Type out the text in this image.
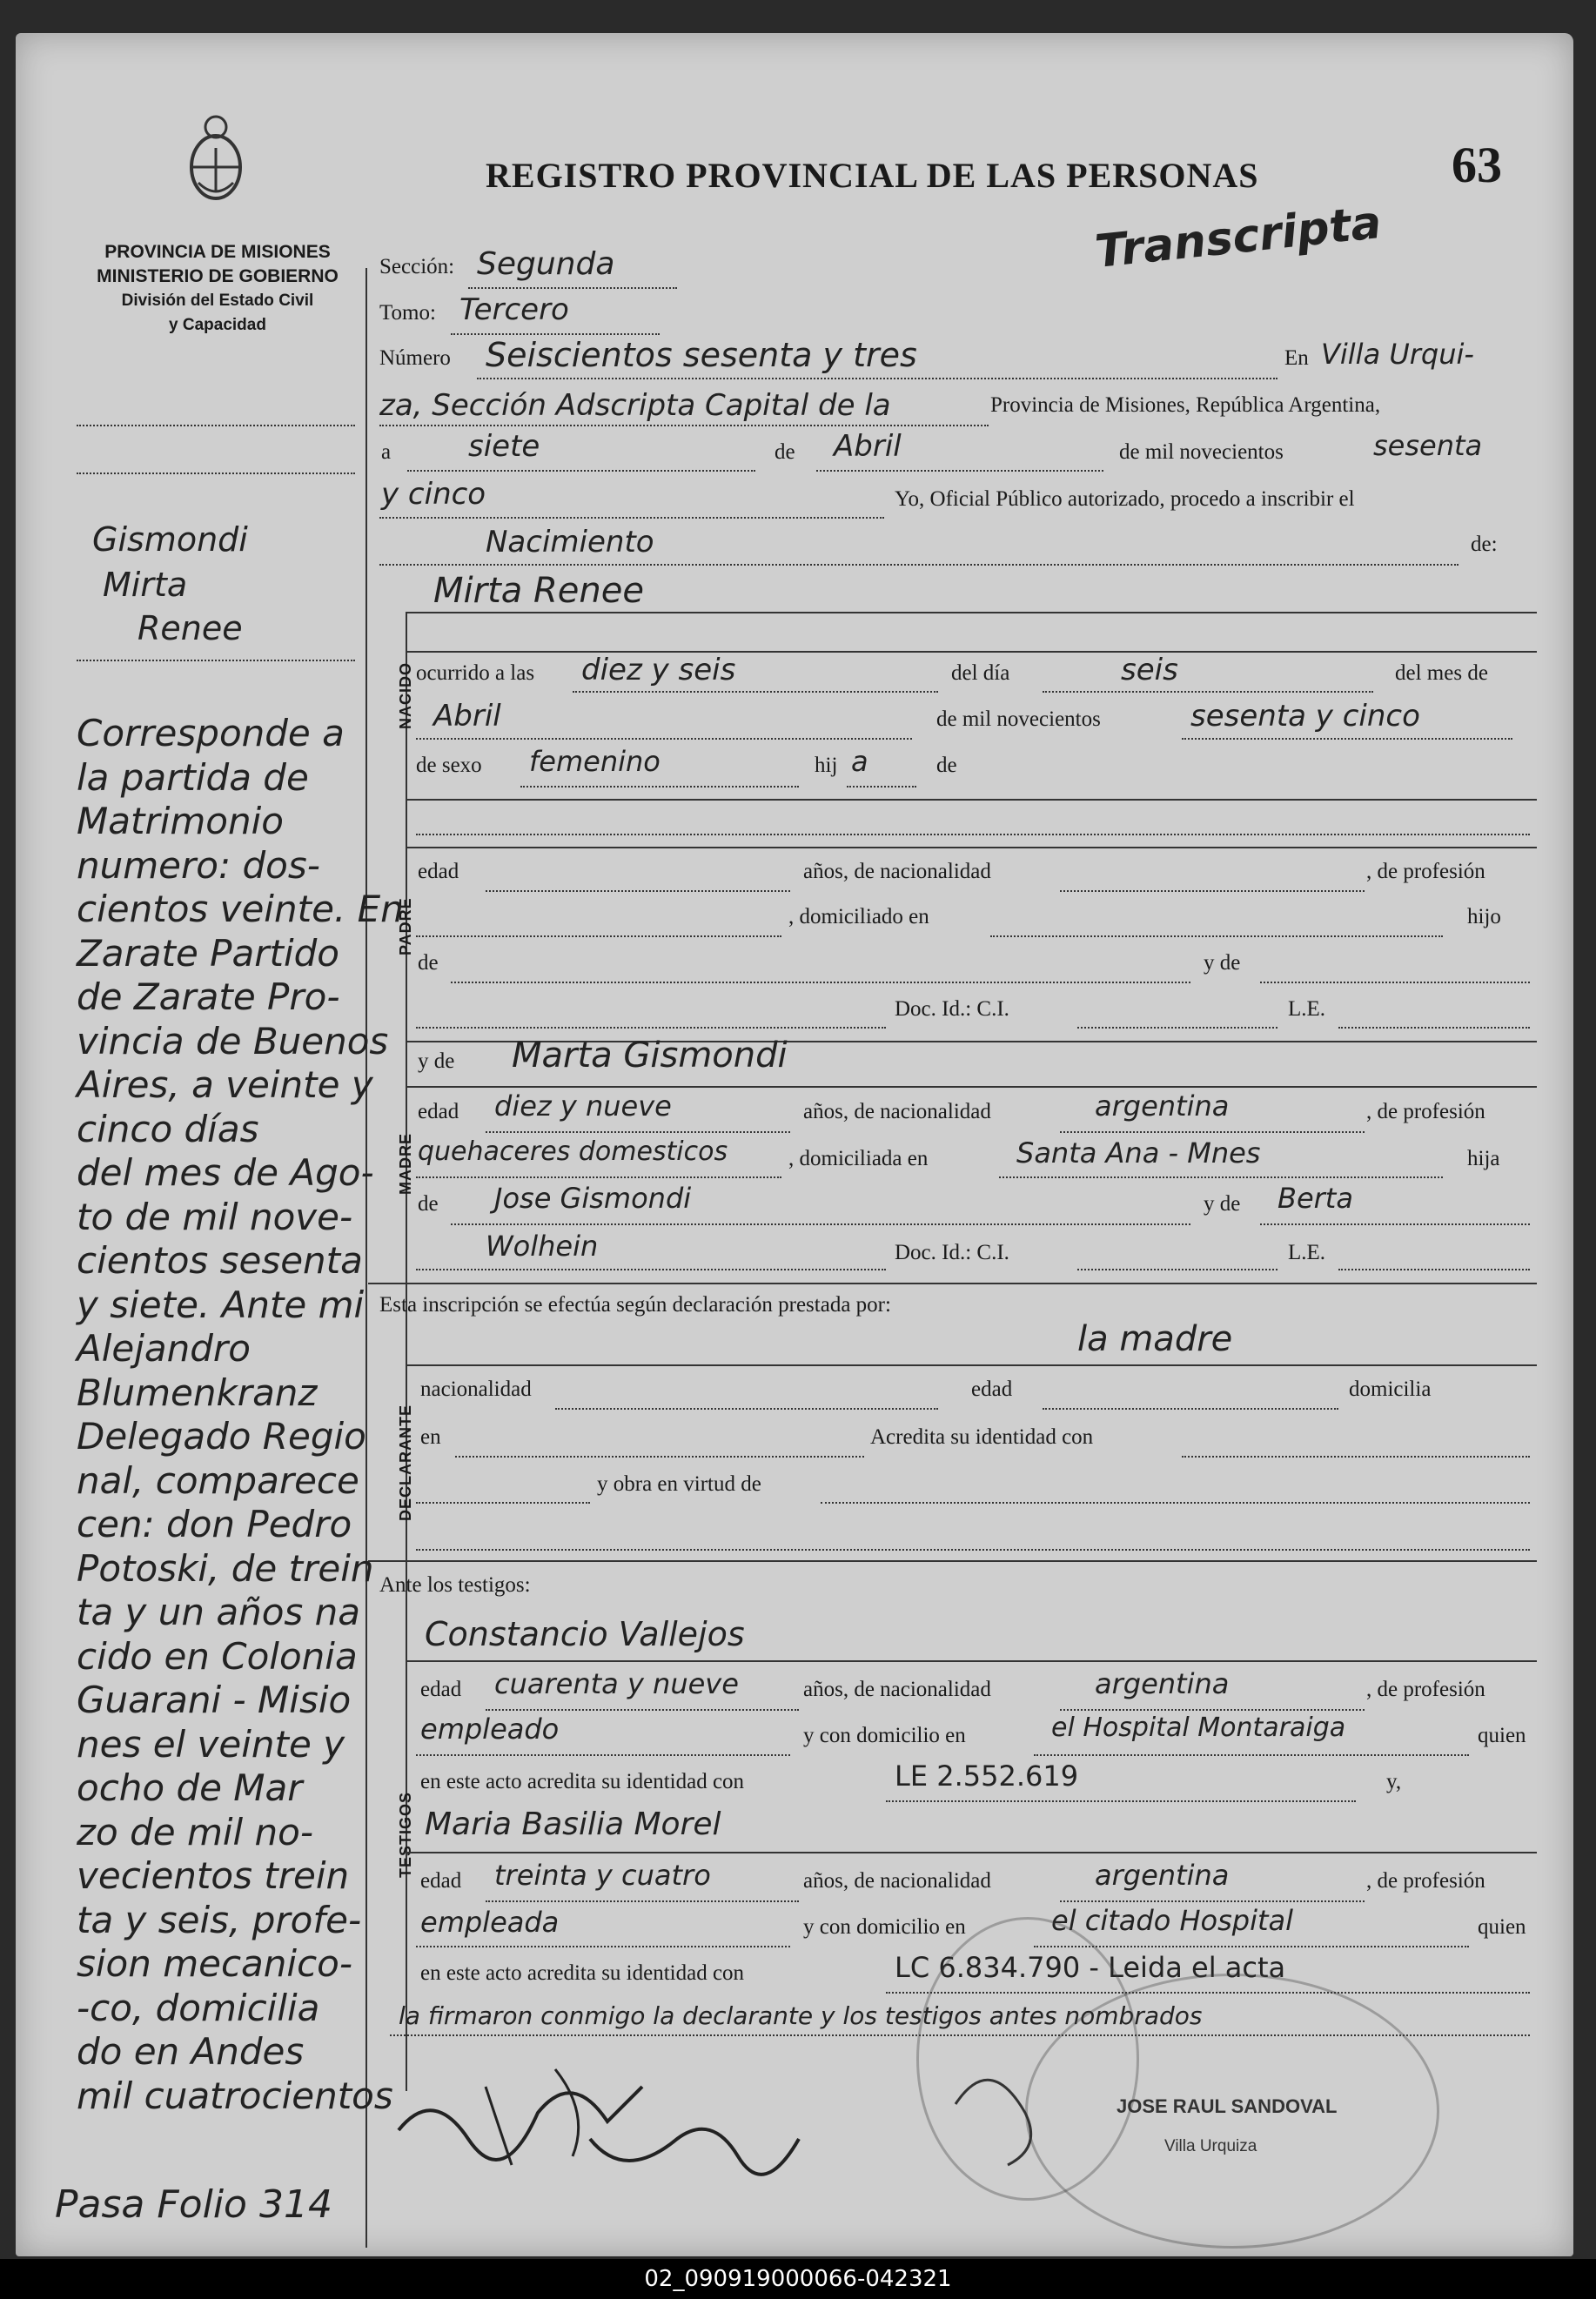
PROVINCIA DE MISIONES
MINISTERIO DE GOBIERNO
División del Estado Civil
y Capacidad
REGISTRO PROVINCIAL DE LAS PERSONAS	63
Transcripta
Sección: Segunda
Tomo: Tercero
Número Seiscientos sesenta y tres	En Villa Urqui-
za, Sección Adscripta Capital de la	Provincia de Misiones, República Argentina,
a	siete	de Abril	de mil novecientos	sesenta
y cinco	Yo, Oficial Público autorizado, procedo a inscribir el
Nacimiento	de:
NACIDO
Mirta Renee
ocurrido a las diez y seis	del día	seis	del mes de
Abril	de mil novecientos	sesenta y cinco
de sexo femenino	hij a	de
PADRE
edad	años, de nacionalidad	, de profesión
, domiciliado en	hijo
de	y de
Doc. Id.: C.I.	L.E.
y de Marta Gismondi
MADRE
edad diez y nueve	años, de nacionalidad	argentina	, de profesión
quehaceres domesticos	, domiciliada en	Santa Ana - Mnes	hija
de Jose Gismondi	y de Berta
Wolhein	Doc. Id.: C.I.	L.E.
Esta inscripción se efectúa según declaración prestada por:
la madre
DECLARANTE
nacionalidad	edad	domicilia
en	Acredita su identidad con
y obra en virtud de
Ante los testigos:
Constancio Vallejos
TESTIGOS
edad cuarenta y nueve	años, de nacionalidad	argentina	, de profesión
empleado	y con domicilio en	el Hospital Montaraiga	quien
en este acto acredita su identidad con	LE 2.552.619	y,
Maria Basilia Morel
edad treinta y cuatro	años, de nacionalidad	argentina	, de profesión
empleada	y con domicilio en	el citado Hospital	quien
en este acto acredita su identidad con	LC 6.834.790 - Leida el acta
la firmaron conmigo la declarante y los testigos antes nombrados
JOSE RAUL SANDOVAL
Villa Urquiza
Gismondi
Mirta
Renee
Corresponde a
la partida de
Matrimonio
numero: dos-
cientos veinte. En
Zarate Partido
de Zarate Pro-
vincia de Buenos
Aires, a veinte y
cinco días
del mes de Ago-
to de mil nove-
cientos sesenta
y siete. Ante mi
Alejandro
Blumenkranz
Delegado Regio
nal, comparece
cen: don Pedro
Potoski, de trein
ta y un años na
cido en Colonia
Guarani - Misio
nes el veinte y
ocho de Mar
zo de mil no-
vecientos trein
ta y seis, profe-
sion mecanico-
-co, domicilia
do en Andes
mil cuatrocientos
Pasa Folio 314
02_090919000066-042321
